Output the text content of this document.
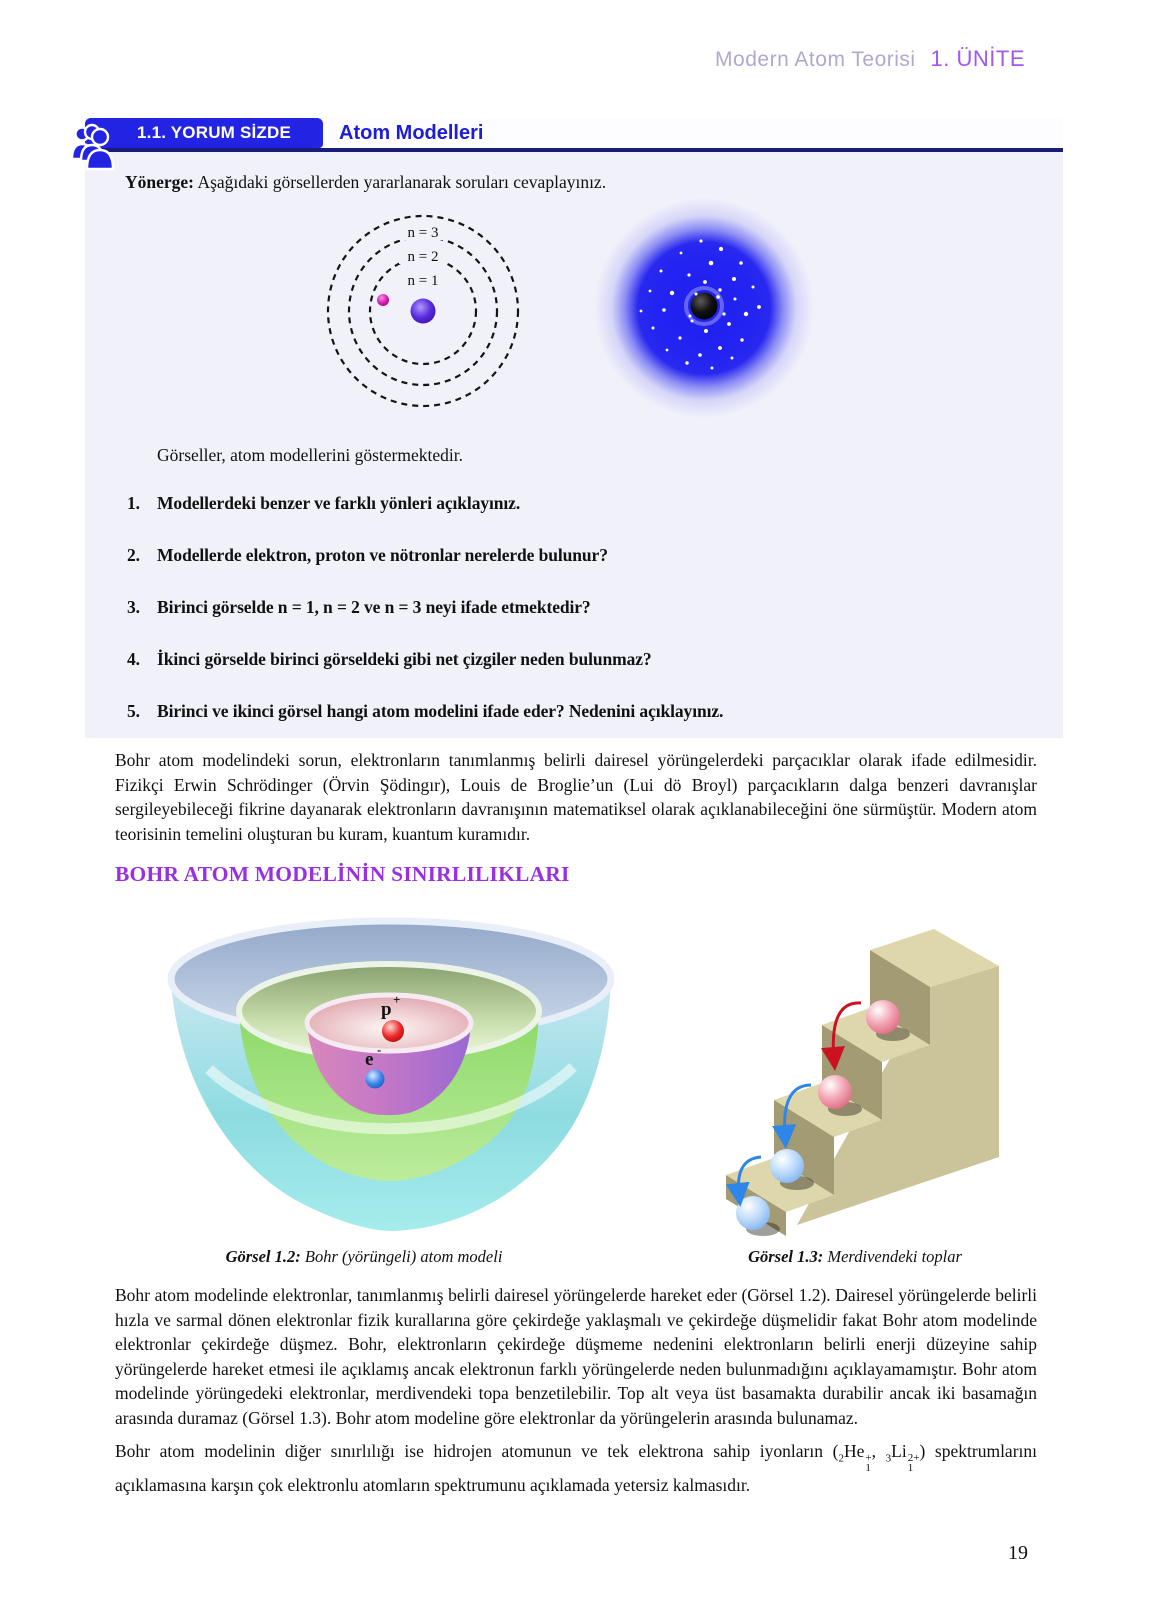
Modern Atom Teorisi 1. ÜNİTE
1.1. YORUM SİZDE Atom Modelleri

Yönerge: Aşağıdaki görsellerden yararlanarak soruları cevaplayınız.

n = 3
n = 2
n = 1

Görseller, atom modellerini göstermektedir.

1. Modellerdeki benzer ve farklı yönleri açıklayınız.
2. Modellerde elektron, proton ve nötronlar nerelerde bulunur?
3. Birinci görselde n = 1, n = 2 ve n = 3 neyi ifade etmektedir?
4. İkinci görselde birinci görseldeki gibi net çizgiler neden bulunmaz?
5. Birinci ve ikinci görsel hangi atom modelini ifade eder? Nedenini açıklayınız.

Bohr atom modelindeki sorun, elektronların tanımlanmış belirli dairesel yörüngelerdeki parçacıklar olarak ifade edilmesidir. Fizikçi Erwin Schrödinger (Örvin Şödingır), Louis de Broglie’un (Lui dö Broyl) parçacıkların dalga benzeri davranışlar sergileyebileceği fikrine dayanarak elektronların davranışının matematiksel olarak açıklanabileceğini öne sürmüştür. Modern atom teorisinin temelini oluşturan bu kuram, kuantum kuramıdır.

BOHR ATOM MODELİNİN SINIRLILIKLARI
p +
e -
Görsel 1.2: Bohr (yörüngeli) atom modeli	Görsel 1.3: Merdivendeki toplar

Bohr atom modelinde elektronlar, tanımlanmış belirli dairesel yörüngelerde hareket eder (Görsel 1.2). Dairesel yörüngelerde belirli hızla ve sarmal dönen elektronlar fizik kurallarına göre çekirdeğe yaklaşmalı ve çekirdeğe düşmelidir fakat Bohr atom modelinde elektronlar çekirdeğe düşmez. Bohr, elektronların çekirdeğe düşmeme nedenini elektronların belirli enerji düzeyine sahip yörüngelerde hareket etmesi ile açıklamış ancak elektronun farklı yörüngelerde neden bulunmadığını açıklayamamıştır. Bohr atom modelinde yörüngedeki elektronlar, merdivendeki topa benzetilebilir. Top alt veya üst basamakta durabilir ancak iki basamağın arasında duramaz (Görsel 1.3). Bohr atom modeline göre elektronlar da yörüngelerin arasında bulunamaz.

Bohr atom modelinin diğer sınırlılığı ise hidrojen atomunun ve tek elektrona sahip iyonların ($_2He$ +
1
, $_3$Li 2+
1
) spektrumlarını açıklamasına karşın çok elektronlu atomların spektrumunu açıklamada yetersiz kalmasıdır.

19
